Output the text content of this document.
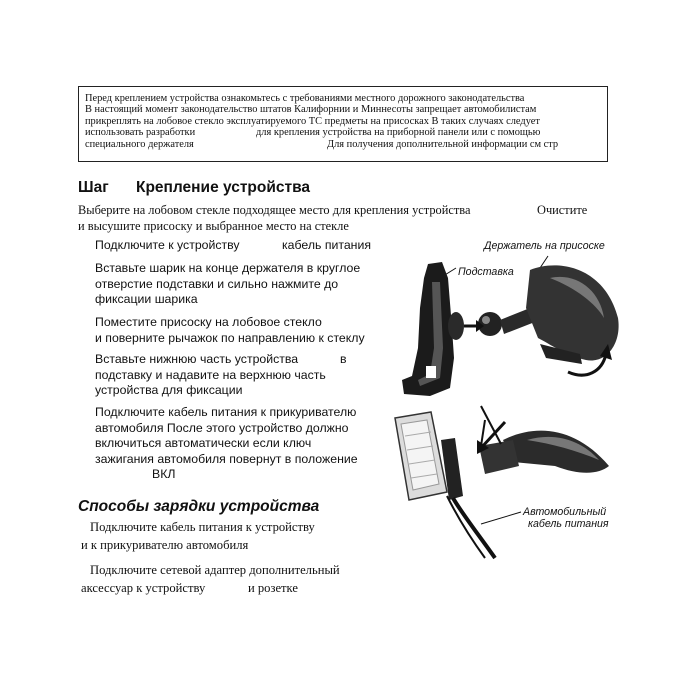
Перед креплением устройства ознакомьтесь с требованиями местного дорожного законодательства
В настоящий момент законодательство штатов Калифорнии и Миннесоты запрещает автомобилистам
прикреплять на лобовое стекло эксплуатируемого ТС предметы на присосках В таких случаях следует
использовать разработки	для крепления устройства на приборной панели или с помощью
специального держателя	Для получения дополнительной информации см стр
Шаг Крепление устройства
Выберите на лобовом стекле подходящее место для крепления устройства	Очистите
и высушите присоску и выбранное место на стекле
Подключите к устройству	кабель питания
Вставьте шарик на конце держателя в круглое
отверстие подставки и сильно нажмите до
фиксации шарика
Поместите присоску на лобовое стекло
и поверните рычажок по направлению к стеклу
Вставьте нижнюю часть устройства	в
подставку и надавите на верхнюю часть
устройства для фиксации
Подключите кабель питания к прикуривателю
автомобиля После этого устройство должно
включиться автоматически если ключ
зажигания автомобиля повернут в положение
ВКЛ
Способы зарядки устройства
Подключите кабель питания к устройству
и к прикуривателю автомобиля
Подключите сетевой адаптер дополнительный
аксессуар к устройству	и розетке
Держатель на присоске
Подставка
Автомобильный
кабель питания
